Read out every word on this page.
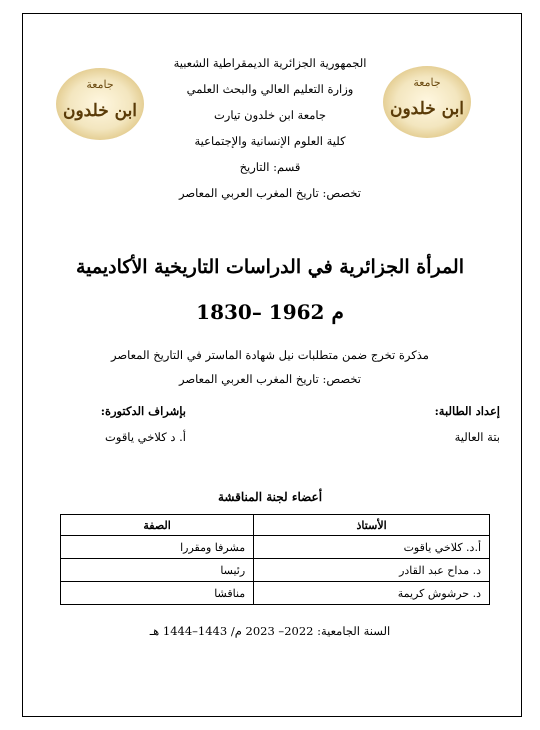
جامعة
ابن خلدون
جامعة
ابن خلدون
الجمهورية الجزائرية الديمقراطية الشعبية
وزارة التعليم العالي والبحث العلمي
جامعة ابن خلدون تيارت
كلية العلوم الإنسانية والإجتماعية
قسم: التاريخ
تخصص: تاريخ المغرب العربي المعاصر
المرأة الجزائرية في الدراسات التاريخية الأكاديمية
1830– 1962 م
مذكرة تخرج ضمن متطلبات نيل شهادة الماستر في التاريخ المعاصر
تخصص: تاريخ المغرب العربي المعاصر
إعداد الطالبة:
بتة العالية
بإشراف الدكتورة:
أ. د كلاخي ياقوت
أعضاء لجنة المناقشة
الأستاذ	الصفة
أ.د. كلاخي ياقوت	مشرفا ومقررا
د. مداح عبد القادر	رئيسا
د. حرشوش كريمة	مناقشا
السنة الجامعية: 2022– 2023 م/ 1443–1444 هـ
